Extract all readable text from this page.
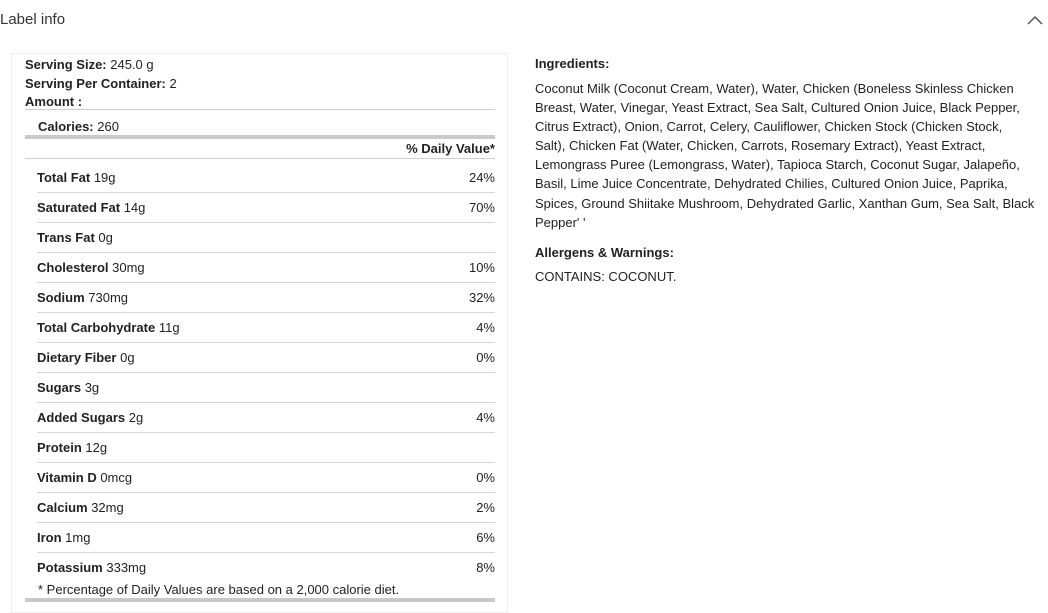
Label info
Serving Size: 245.0 g
Serving Per Container: 2
Amount :
Calories: 260
% Daily Value*
Total Fat 19g	24%
Saturated Fat 14g	70%
Trans Fat 0g
Cholesterol 30mg	10%
Sodium 730mg	32%
Total Carbohydrate 11g	4%
Dietary Fiber 0g	0%
Sugars 3g
Added Sugars 2g	4%
Protein 12g
Vitamin D 0mcg	0%
Calcium 32mg	2%
Iron 1mg	6%
Potassium 333mg	8%
* Percentage of Daily Values are based on a 2,000 calorie diet.

Ingredients:

Coconut Milk (Coconut Cream, Water), Water, Chicken (Boneless Skinless Chicken Breast, Water, Vinegar, Yeast Extract, Sea Salt, Cultured Onion Juice, Black Pepper, Citrus Extract), Onion, Carrot, Celery, Cauliflower, Chicken Stock (Chicken Stock, Salt), Chicken Fat (Water, Chicken, Carrots, Rosemary Extract), Yeast Extract, Lemongrass Puree (Lemongrass, Water), Tapioca Starch, Coconut Sugar, Jalapeño, Basil, Lime Juice Concentrate, Dehydrated Chilies, Cultured Onion Juice, Paprika, Spices, Ground Shiitake Mushroom, Dehydrated Garlic, Xanthan Gum, Sea Salt, Black Pepper' '

Allergens & Warnings:

CONTAINS: COCONUT.
